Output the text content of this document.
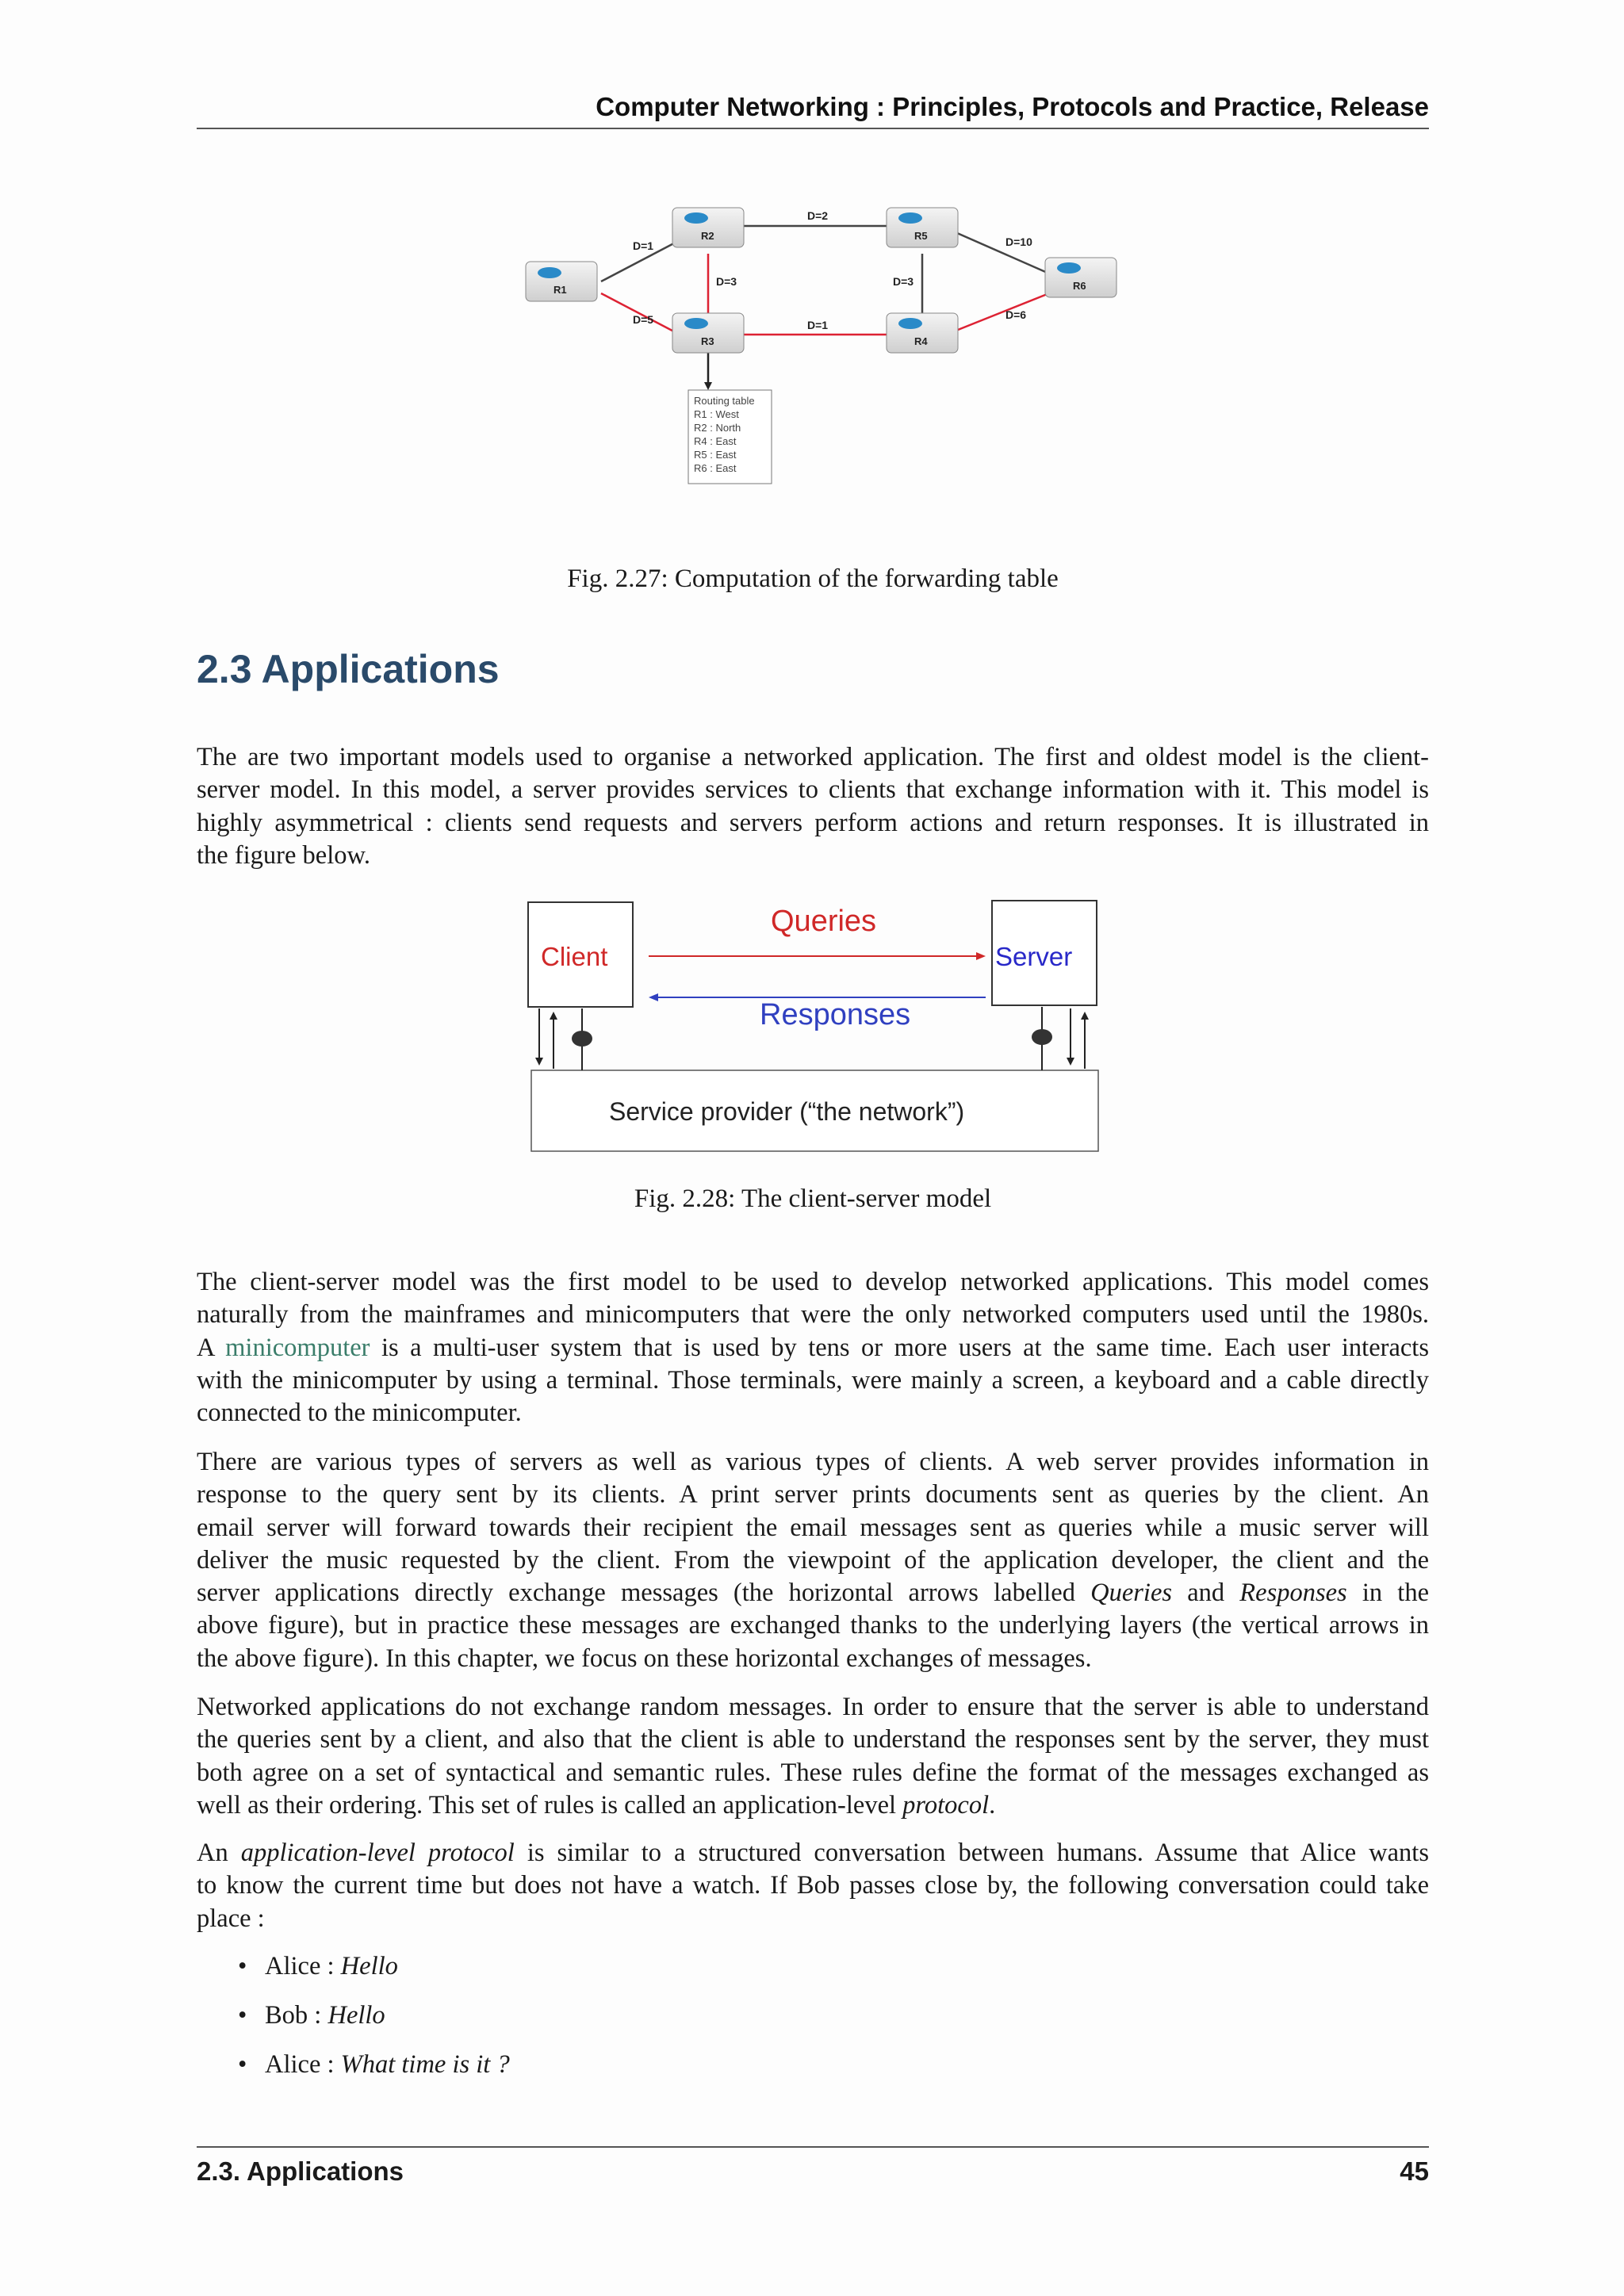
Computer Networking : Principles, Protocols and Practice, Release
D=1
D=2
D=3
D=5	D=1
D=3
D=10
D=6
R1
R2
R3	R4
R5
R6
Routing table
R1 : West
R2 : North
R4 : East
R5 : East
R6 : East
Fig. 2.27: Computation of the forwarding table
2.3 Applications

The are two important models used to organise a networked application. The first and oldest model is the client-
server model. In this model, a server provides services to clients that exchange information with it. This model is
highly asymmetrical : clients send requests and servers perform actions and return responses. It is illustrated in
the figure below.

Client	Server
Queries
Responses
Service provider (“the network”)
Fig. 2.28: The client-server model

The client-server model was the first model to be used to develop networked applications. This model comes
naturally from the mainframes and minicomputers that were the only networked computers used until the 1980s.
A minicomputer is a multi-user system that is used by tens or more users at the same time. Each user interacts
with the minicomputer by using a terminal. Those terminals, were mainly a screen, a keyboard and a cable directly
connected to the minicomputer.

There are various types of servers as well as various types of clients. A web server provides information in
response to the query sent by its clients. A print server prints documents sent as queries by the client. An
email server will forward towards their recipient the email messages sent as queries while a music server will
deliver the music requested by the client. From the viewpoint of the application developer, the client and the
server applications directly exchange messages (the horizontal arrows labelled Queries and Responses in the
above figure), but in practice these messages are exchanged thanks to the underlying layers (the vertical arrows in
the above figure). In this chapter, we focus on these horizontal exchanges of messages.

Networked applications do not exchange random messages. In order to ensure that the server is able to understand
the queries sent by a client, and also that the client is able to understand the responses sent by the server, they must
both agree on a set of syntactical and semantic rules. These rules define the format of the messages exchanged as
well as their ordering. This set of rules is called an application-level protocol.

An application-level protocol is similar to a structured conversation between humans. Assume that Alice wants
to know the current time but does not have a watch. If Bob passes close by, the following conversation could take
place :

• Alice : Hello
• Bob : Hello
• Alice : What time is it ?
2.3. Applications	45
